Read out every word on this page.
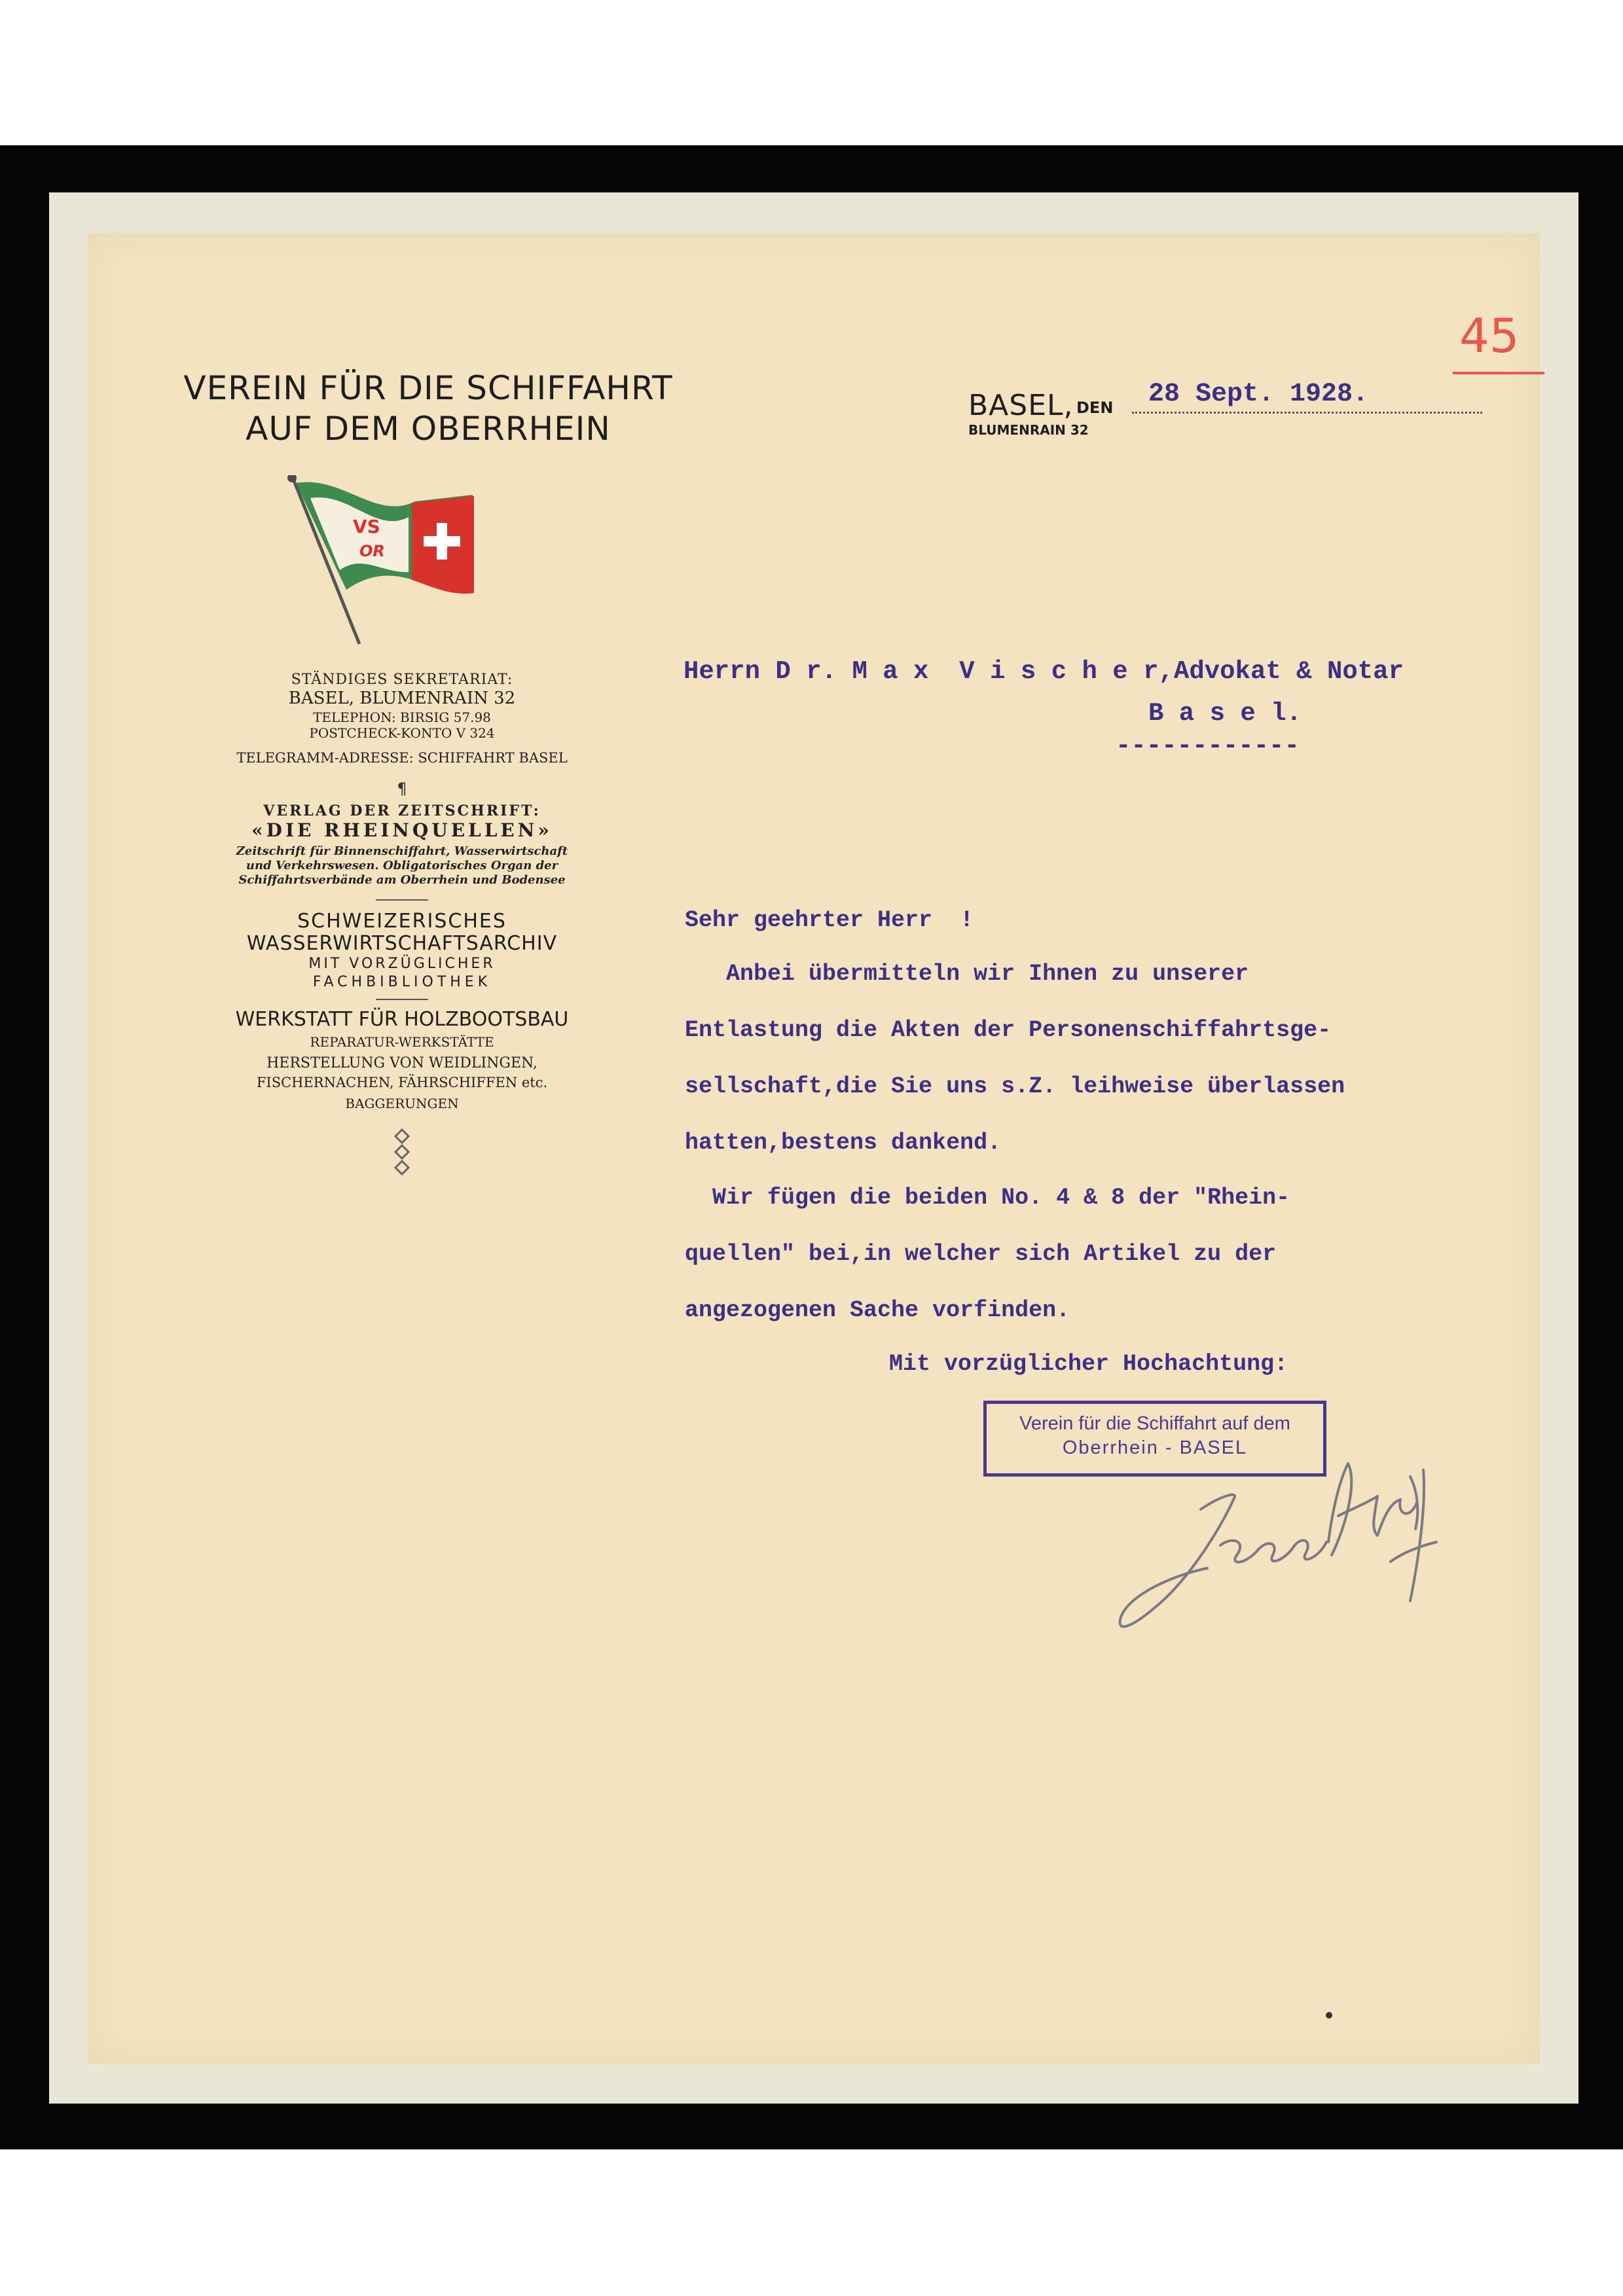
45
VEREIN FÜR DIE SCHIFFAHRT
AUF DEM OBERRHEIN
VS
OR
STÄNDIGES SEKRETARIAT:
BASEL, BLUMENRAIN 32
TELEPHON: BIRSIG 57.98
POSTCHECK-KONTO V 324
TELEGRAMM-ADRESSE: SCHIFFAHRT BASEL
¶
VERLAG DER ZEITSCHRIFT:
«DIE RHEINQUELLEN»
Zeitschrift für Binnenschiffahrt, Wasserwirtschaft
und Verkehrswesen. Obligatorisches Organ der
Schiffahrtsverbände am Oberrhein und Bodensee
SCHWEIZERISCHES
WASSERWIRTSCHAFTSARCHIV
MIT VORZÜGLICHER
FACHBIBLIOTHEK
WERKSTATT FÜR HOLZBOOTSBAU
REPARATUR-WERKSTÄTTE
HERSTELLUNG VON WEIDLINGEN,
FISCHERNACHEN, FÄHRSCHIFFEN etc.
BAGGERUNGEN
BASEL, DEN
BLUMENRAIN 32
28 Sept. 1928.
Herrn D r. M a x  V i s c h e r,Advokat & Notar
B a s e l.
------------
Sehr geehrter Herr  !
Anbei übermitteln wir Ihnen zu unserer
Entlastung die Akten der Personenschiffahrtsge-
sellschaft,die Sie uns s.Z. leihweise überlassen
hatten,bestens dankend.
Wir fügen die beiden No. 4 & 8 der "Rhein-
quellen" bei,in welcher sich Artikel zu der
angezogenen Sache vorfinden.
Mit vorzüglicher Hochachtung:
Verein für die Schiffahrt auf dem
Oberrhein - BASEL
